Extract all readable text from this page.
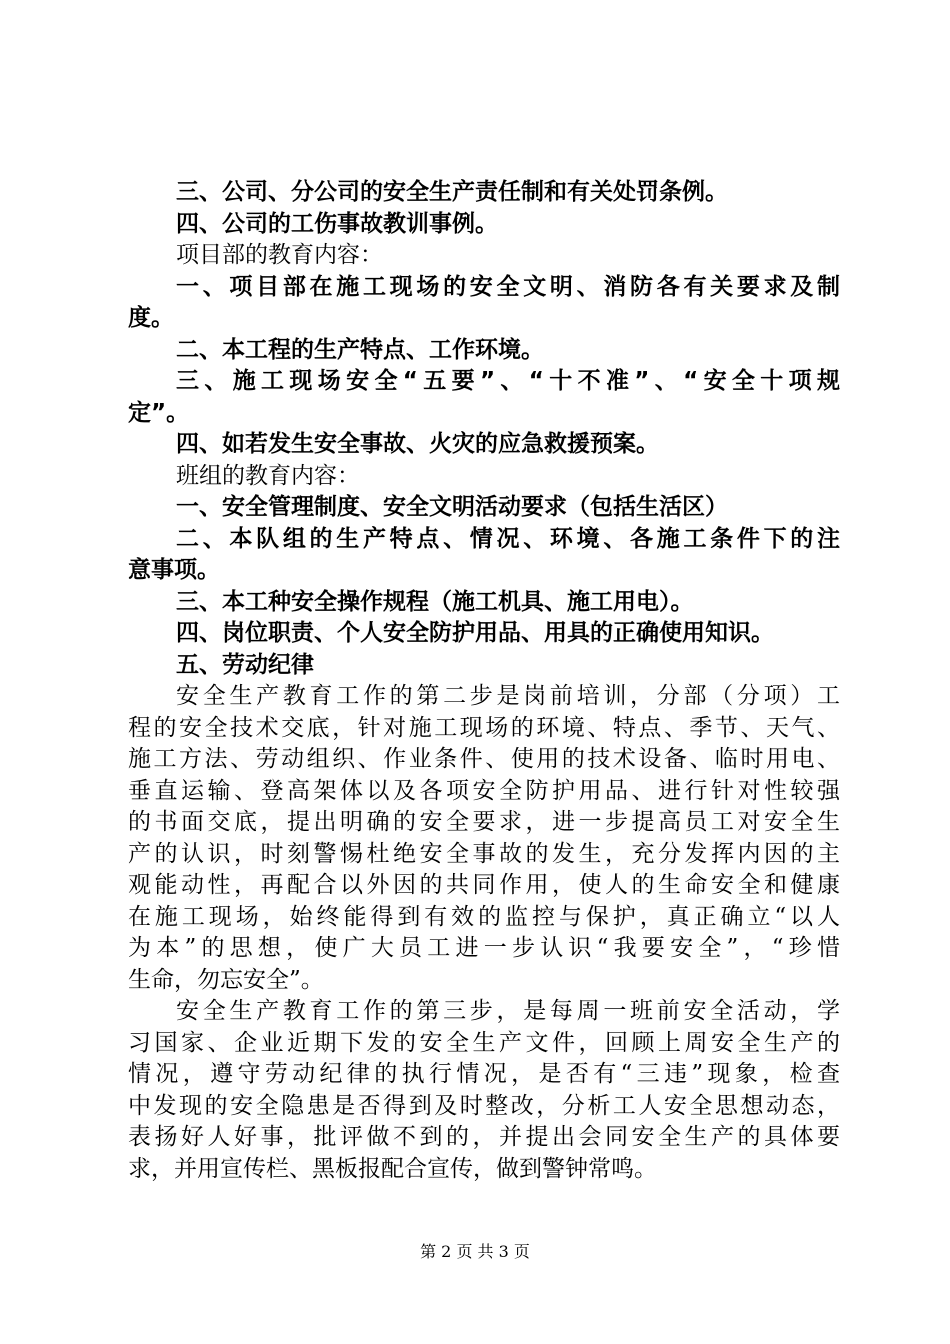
三、公司、分公司的安全生产责任制和有关处罚条例。
四、公司的工伤事故教训事例。
项目部的教育内容：
一、项目部在施工现场的安全文明、消防各有关要求及制
度。
二、本工程的生产特点、工作环境。
三、施工现场安全“五要”、“十不准”、“安全十项规
定”。
四、如若发生安全事故、火灾的应急救援预案。
班组的教育内容：
一、安全管理制度、安全文明活动要求（包括生活区）
二、本队组的生产特点、情况、环境、各施工条件下的注
意事项。
三、本工种安全操作规程（施工机具、施工用电）。
四、岗位职责、个人安全防护用品、用具的正确使用知识。
五、劳动纪律
安全生产教育工作的第二步是岗前培训，分部（分项）工
程的安全技术交底，针对施工现场的环境、特点、季节、天气、
施工方法、劳动组织、作业条件、使用的技术设备、临时用电、
垂直运输、登高架体以及各项安全防护用品、进行针对性较强
的书面交底，提出明确的安全要求，进一步提高员工对安全生
产的认识，时刻警惕杜绝安全事故的发生，充分发挥内因的主
观能动性，再配合以外因的共同作用，使人的生命安全和健康
在施工现场，始终能得到有效的监控与保护，真正确立“以人
为本”的思想，使广大员工进一步认识“我要安全”，“珍惜
生命，勿忘安全”。
安全生产教育工作的第三步，是每周一班前安全活动，学
习国家、企业近期下发的安全生产文件，回顾上周安全生产的
情况，遵守劳动纪律的执行情况，是否有“三违”现象，检查
中发现的安全隐患是否得到及时整改，分析工人安全思想动态，
表扬好人好事，批评做不到的，并提出会同安全生产的具体要
求，并用宣传栏、黑板报配合宣传，做到警钟常鸣。
第 2 页 共 3 页
